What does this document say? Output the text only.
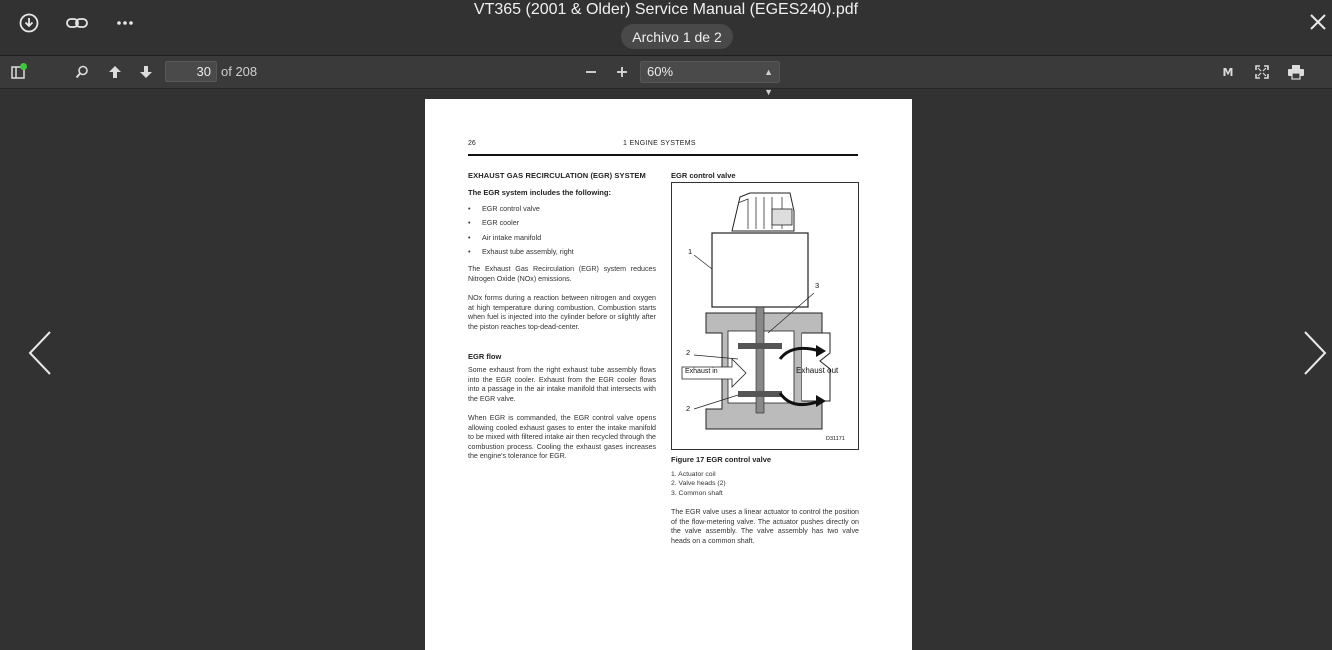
VT365 (2001 & Older) Service Manual (EGES240).pdf
Archivo 1 de 2
M
30 of 208	60%	▲
▼
26	1 ENGINE SYSTEMS
EXHAUST GAS RECIRCULATION (EGR) SYSTEM
The EGR system includes the following:
• EGR control valve
• EGR cooler
• Air intake manifold
• Exhaust tube assembly, right
The Exhaust Gas Recirculation (EGR) system reduces Nitrogen Oxide (NOx) emissions.
NOx forms during a reaction between nitrogen and oxygen at high temperature during combustion. Combustion starts when fuel is injected into the cylinder before or slightly after the piston reaches top-dead-center.
EGR flow
Some exhaust from the right exhaust tube assembly flows into the EGR cooler. Exhaust from the EGR cooler flows into a passage in the air intake manifold that intersects with the EGR valve.
When EGR is commanded, the EGR control valve opens allowing cooled exhaust gases to enter the intake manifold to be mixed with filtered intake air then recycled through the combustion process. Cooling the exhaust gases increases the engine's tolerance for EGR.
EGR control valve
1
3
2
2
Exhaust in	Exhaust out
D31171
Figure 17 EGR control valve
1. Actuator coil
2. Valve heads (2)
3. Common shaft
The EGR valve uses a linear actuator to control the position of the flow-metering valve. The actuator pushes directly on the valve assembly. The valve assembly has two valve heads on a common shaft.
